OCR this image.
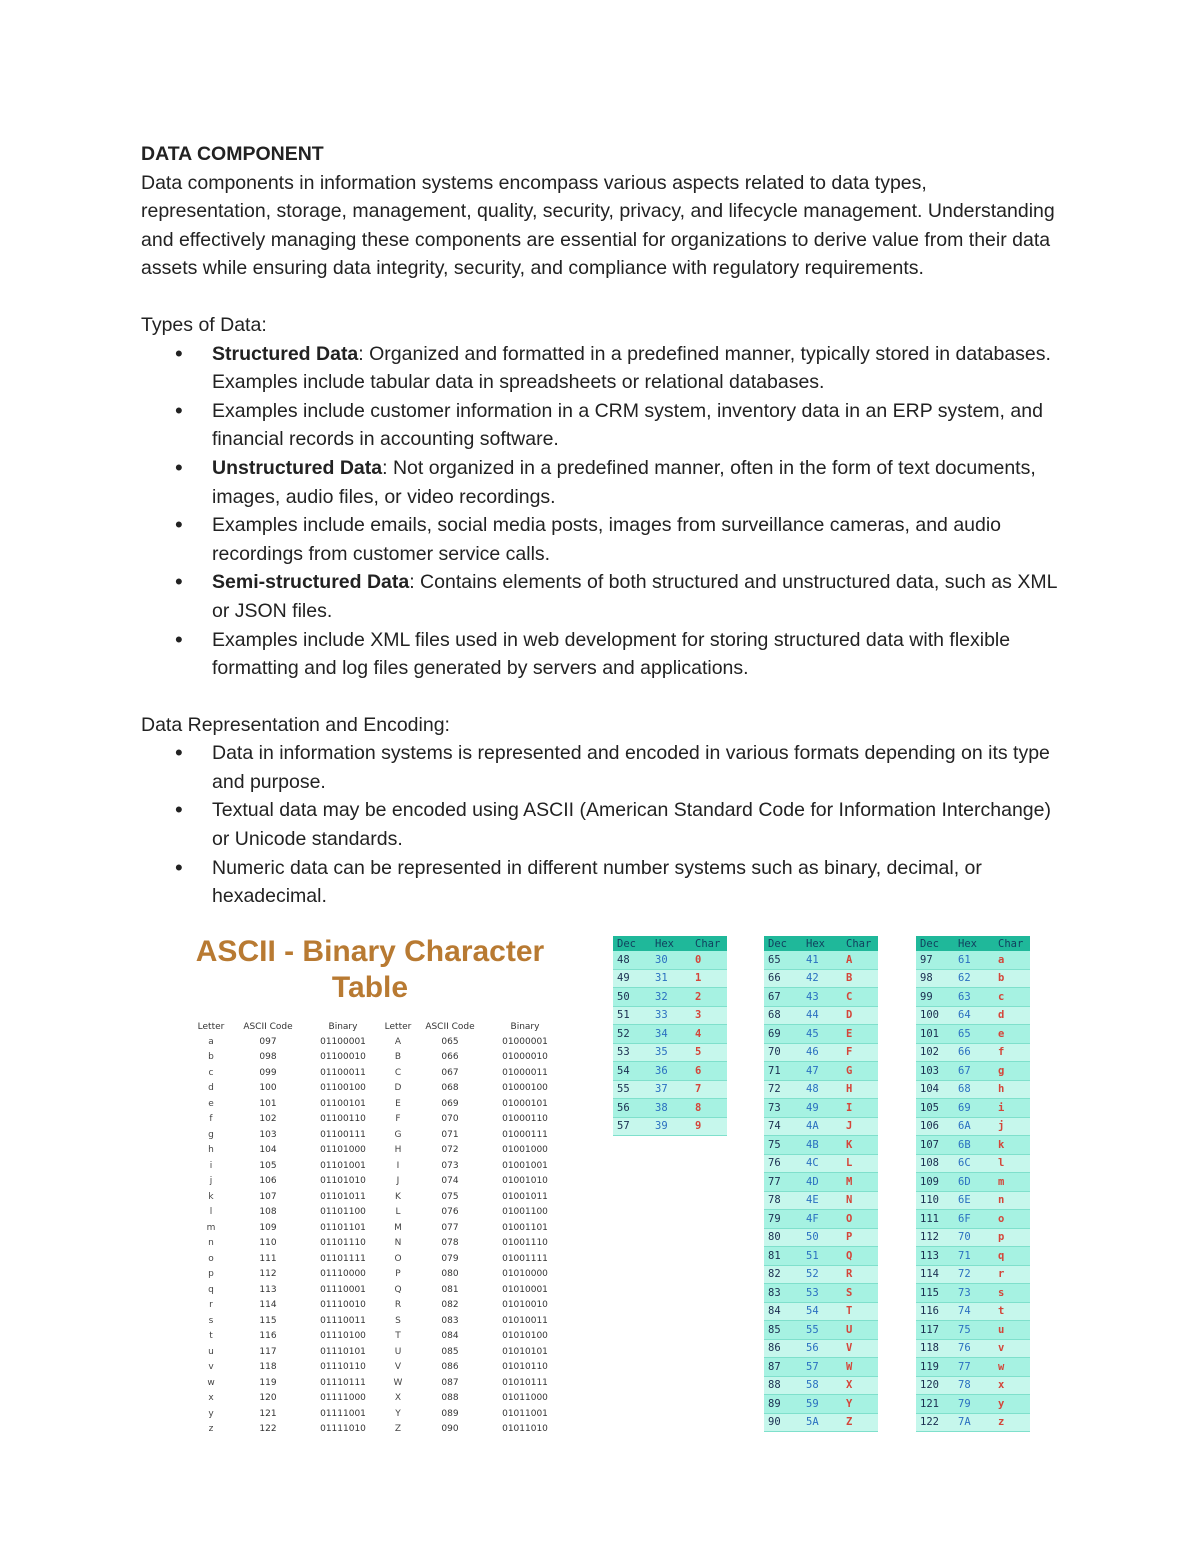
DATA COMPONENT

Data components in information systems encompass various aspects related to data types, representation, storage, management, quality, security, privacy, and lifecycle management. Understanding and effectively managing these components are essential for organizations to derive value from their data assets while ensuring data integrity, security, and compliance with regulatory requirements.

Types of Data:

• Structured Data: Organized and formatted in a predefined manner, typically stored in databases. Examples include tabular data in spreadsheets or relational databases.
• Examples include customer information in a CRM system, inventory data in an ERP system, and financial records in accounting software.
• Unstructured Data: Not organized in a predefined manner, often in the form of text documents, images, audio files, or video recordings.
• Examples include emails, social media posts, images from surveillance cameras, and audio recordings from customer service calls.
• Semi-structured Data: Contains elements of both structured and unstructured data, such as XML or JSON files.
• Examples include XML files used in web development for storing structured data with flexible formatting and log files generated by servers and applications.

Data Representation and Encoding:

• Data in information systems is represented and encoded in various formats depending on its type and purpose.
• Textual data may be encoded using ASCII (American Standard Code for Information Interchange) or Unicode standards.
• Numeric data can be represented in different number systems such as binary, decimal, or hexadecimal.
ASCII - Binary Character
Table
Letter	ASCII Code	Binary	Letter	ASCII Code	Binary
a	097	01100001	A	065	01000001
b	098	01100010	B	066	01000010
c	099	01100011	C	067	01000011
d	100	01100100	D	068	01000100
e	101	01100101	E	069	01000101
f	102	01100110	F	070	01000110
g	103	01100111	G	071	01000111
h	104	01101000	H	072	01001000
i	105	01101001	I	073	01001001
j	106	01101010	J	074	01001010
k	107	01101011	K	075	01001011
l	108	01101100	L	076	01001100
m	109	01101101	M	077	01001101
n	110	01101110	N	078	01001110
o	111	01101111	O	079	01001111
p	112	01110000	P	080	01010000
q	113	01110001	Q	081	01010001
r	114	01110010	R	082	01010010
s	115	01110011	S	083	01010011
t	116	01110100	T	084	01010100
u	117	01110101	U	085	01010101
v	118	01110110	V	086	01010110
w	119	01110111	W	087	01010111
x	120	01111000	X	088	01011000
y	121	01111001	Y	089	01011001
z	122	01111010	Z	090	01011010
Dec	Hex	Char
48	30	0
49	31	1
50	32	2
51	33	3
52	34	4
53	35	5
54	36	6
55	37	7
56	38	8
57	39	9
Dec	Hex	Char
65	41	A
66	42	B
67	43	C
68	44	D
69	45	E
70	46	F
71	47	G
72	48	H
73	49	I
74	4A	J
75	4B	K
76	4C	L
77	4D	M
78	4E	N
79	4F	O
80	50	P
81	51	Q
82	52	R
83	53	S
84	54	T
85	55	U
86	56	V
87	57	W
88	58	X
89	59	Y
90	5A	Z
Dec	Hex	Char
97	61	a
98	62	b
99	63	c
100	64	d
101	65	e
102	66	f
103	67	g
104	68	h
105	69	i
106	6A	j
107	6B	k
108	6C	l
109	6D	m
110	6E	n
111	6F	o
112	70	p
113	71	q
114	72	r
115	73	s
116	74	t
117	75	u
118	76	v
119	77	w
120	78	x
121	79	y
122	7A	z
